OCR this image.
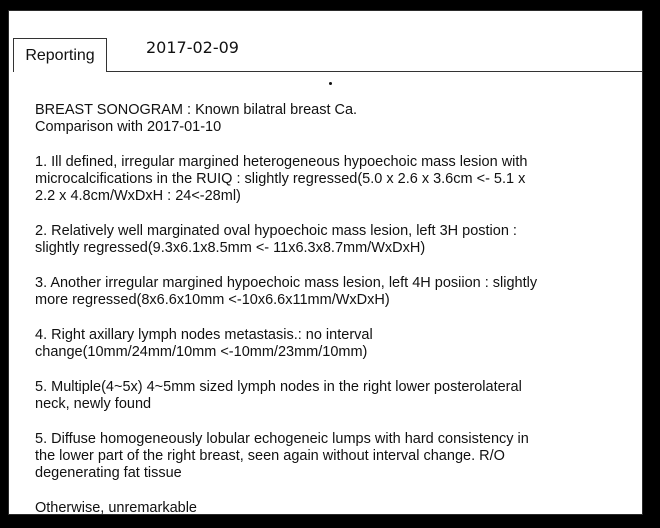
Reporting	2017-02-09
BREAST SONOGRAM : Known bilatral breast Ca.
Comparison with 2017-01-10
1. Ill defined, irregular margined heterogeneous hypoechoic mass lesion with
microcalcifications in the RUIQ : slightly regressed(5.0 x 2.6 x 3.6cm <- 5.1 x
2.2 x 4.8cm/WxDxH : 24<-28ml)
2. Relatively well marginated oval hypoechoic mass lesion, left 3H postion :
slightly regressed(9.3x6.1x8.5mm <- 11x6.3x8.7mm/WxDxH)
3. Another irregular margined hypoechoic mass lesion, left 4H posiion : slightly
more regressed(8x6.6x10mm <-10x6.6x11mm/WxDxH)
4. Right axillary lymph nodes metastasis.: no interval
change(10mm/24mm/10mm <-10mm/23mm/10mm)
5. Multiple(4~5x) 4~5mm sized lymph nodes in the right lower posterolateral
neck, newly found
5. Diffuse homogeneously lobular echogeneic lumps with hard consistency in
the lower part of the right breast, seen again without interval change. R/O
degenerating fat tissue
Otherwise, unremarkable
